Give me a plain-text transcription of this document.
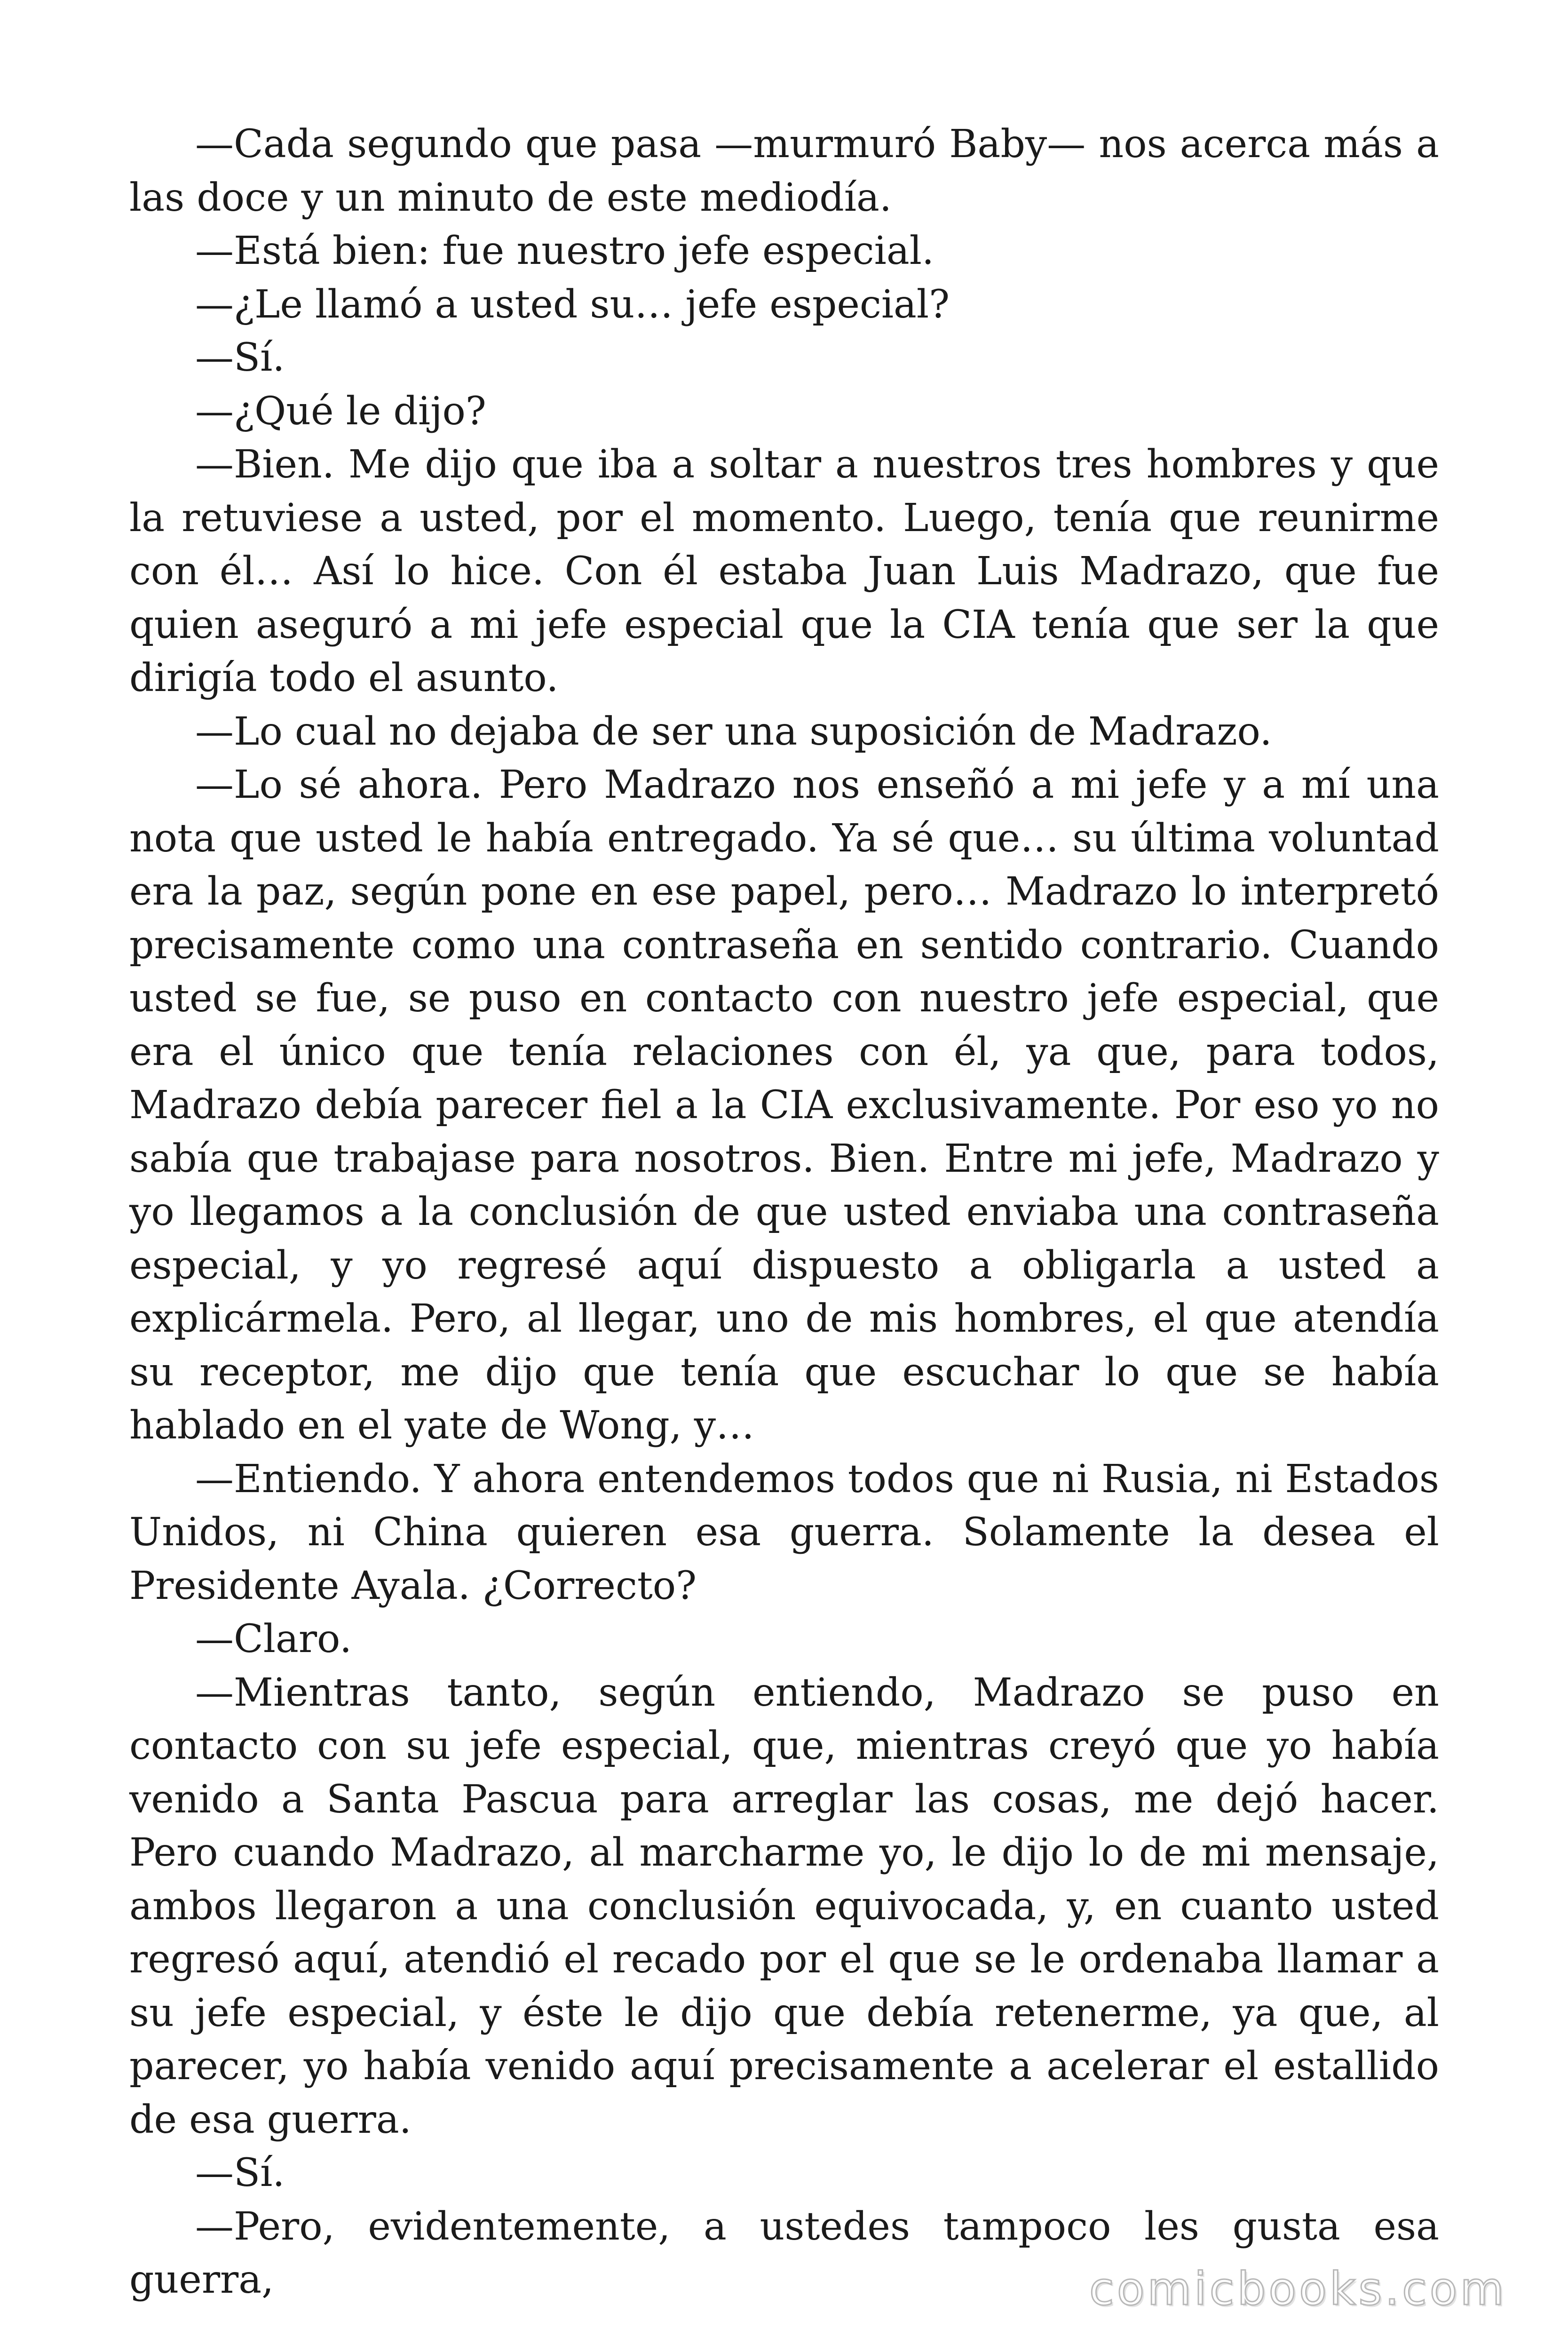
—Cada segundo que pasa —murmuró Baby— nos acerca más a las doce y un minuto de este mediodía.

—Está bien: fue nuestro jefe especial.

—¿Le llamó a usted su… jefe especial?

—Sí.

—¿Qué le dijo?

—Bien. Me dijo que iba a soltar a nuestros tres hombres y que la retuviese a usted, por el momento. Luego, tenía que reunirme con él… Así lo hice. Con él estaba Juan Luis Madrazo, que fue quien aseguró a mi jefe especial que la CIA tenía que ser la que dirigía todo el asunto.

—Lo cual no dejaba de ser una suposición de Madrazo.

—Lo sé ahora. Pero Madrazo nos enseñó a mi jefe y a mí una nota que usted le había entregado. Ya sé que… su última voluntad era la paz, según pone en ese papel, pero… Madrazo lo interpretó precisamente como una contraseña en sentido contrario. Cuando usted se fue, se puso en contacto con nuestro jefe especial, que era el único que tenía relaciones con él, ya que, para todos, Madrazo debía parecer fiel a la CIA exclusivamente. Por eso yo no sabía que trabajase para nosotros. Bien. Entre mi jefe, Madrazo y yo llegamos a la conclusión de que usted enviaba una contraseña especial, y yo regresé aquí dispuesto a obligarla a usted a explicármela. Pero, al llegar, uno de mis hombres, el que atendía su receptor, me dijo que tenía que escuchar lo que se había hablado en el yate de Wong, y…

—Entiendo. Y ahora entendemos todos que ni Rusia, ni Estados Unidos, ni China quieren esa guerra. Solamente la desea el Presidente Ayala. ¿Correcto?

—Claro.

—Mientras tanto, según entiendo, Madrazo se puso en contacto con su jefe especial, que, mientras creyó que yo había venido a Santa Pascua para arreglar las cosas, me dejó hacer. Pero cuando Madrazo, al marcharme yo, le dijo lo de mi mensaje, ambos llegaron a una conclusión equivocada, y, en cuanto usted regresó aquí, atendió el recado por el que se le ordenaba llamar a su jefe especial, y éste le dijo que debía retenerme, ya que, al parecer, yo había venido aquí precisamente a acelerar el estallido de esa guerra.

—Sí.

—Pero, evidentemente, a ustedes tampoco les gusta esa guerra,	comicbooks.com
